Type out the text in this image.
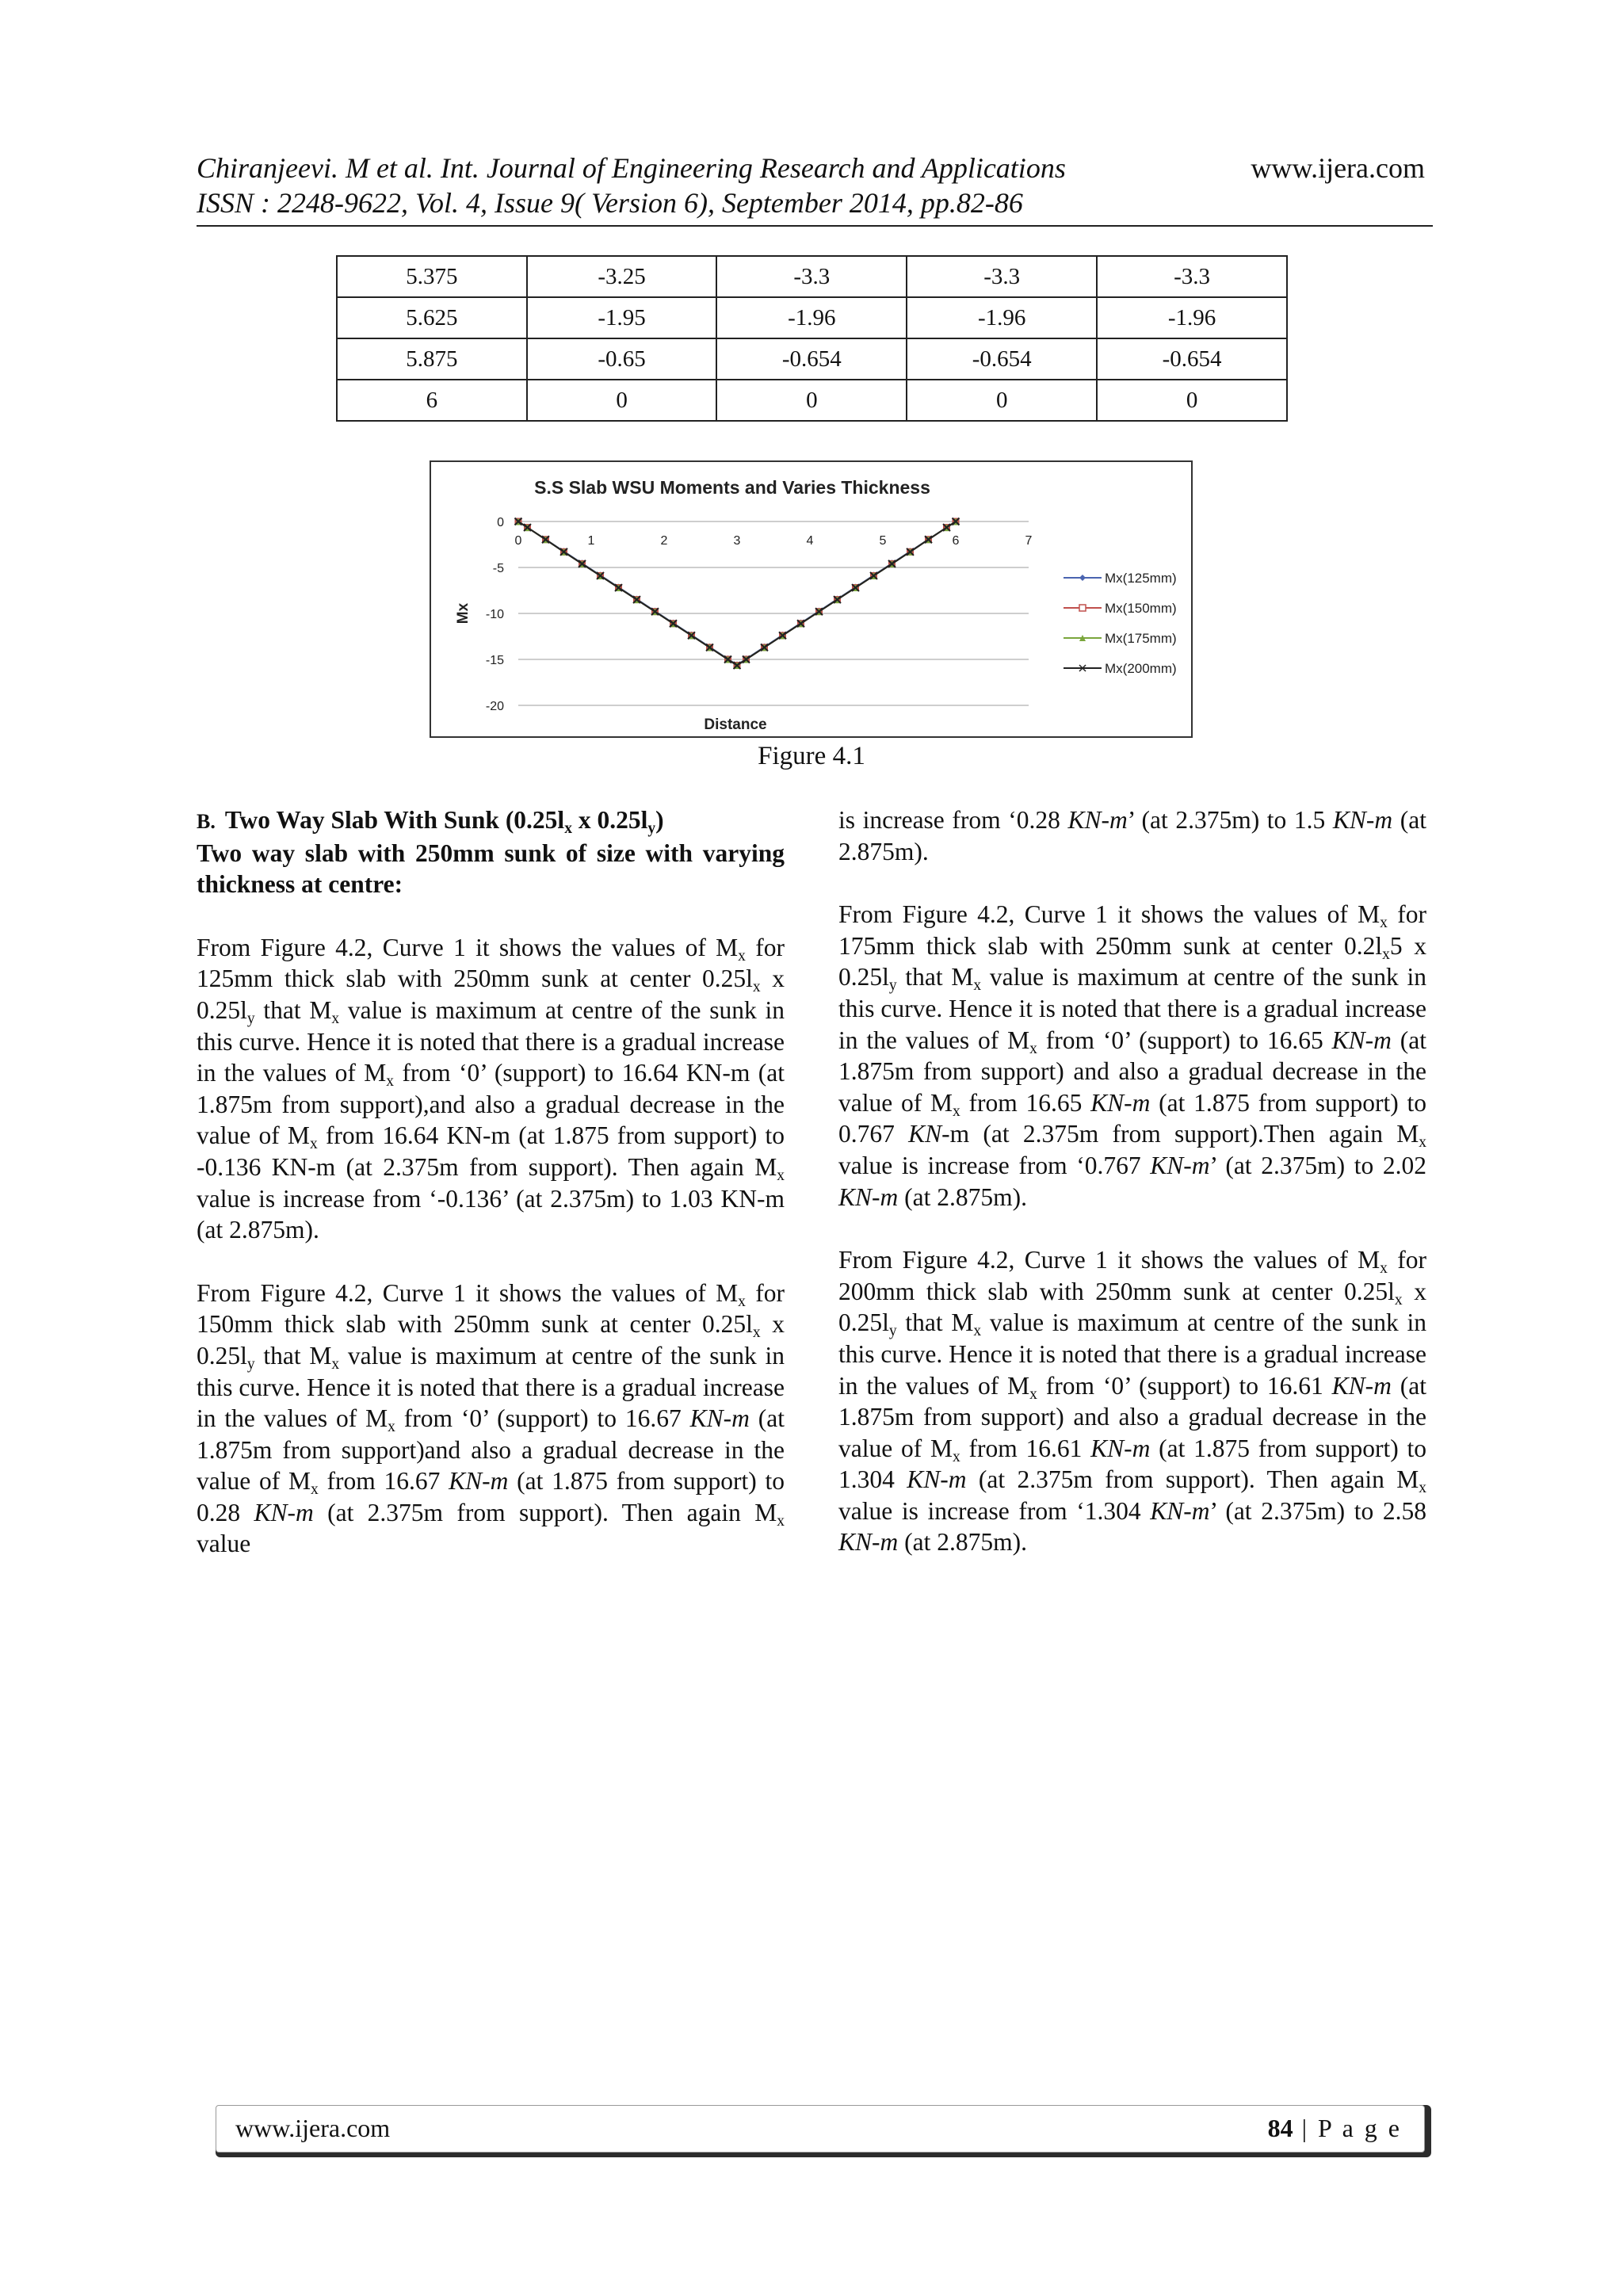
Chiranjeevi. M et al. Int. Journal of Engineering Research and Applications	www.ijera.com
ISSN : 2248-9622, Vol. 4, Issue 9( Version 6), September 2014, pp.82-86
5.375	-3.25	-3.3	-3.3	-3.3
5.625	-1.95	-1.96	-1.96	-1.96
5.875	-0.65	-0.654	-0.654	-0.654
6	0	0	0	0
S.S Slab WSU Moments and Varies Thickness
0
-5
-10
-15
-20
0	1	2	3	4	5	6	7
Distance
Mx
Mx(125mm)
Mx(150mm)
Mx(175mm)
Mx(200mm)
Figure 4.1

B. Two Way Slab With Sunk ($0.25l_x$ x $0.25l_y$)

Two way slab with 250mm sunk of size with varying thickness at centre:

From Figure 4.2, Curve 1 it shows the values of $M_x$ for 125mm thick slab with 250mm sunk at center $0.25l_x$ x $0.25l_y$ that $M_x$ value is maximum at centre of the sunk in this curve. Hence it is noted that there is a gradual increase in the values of $M_x$ from ‘0’ (support) to 16.64 KN-m (at 1.875m from support),and also a gradual decrease in the value of $M_x$ from 16.64 KN-m (at 1.875 from support) to -0.136 KN-m (at 2.375m from support). Then again $M_x$ value is increase from ‘-0.136’ (at 2.375m) to 1.03 KN-m (at 2.875m).

From Figure 4.2, Curve 1 it shows the values of $M_x$ for 150mm thick slab with 250mm sunk at center $0.25l_x$ x $0.25l_y$ that $M_x$ value is maximum at centre of the sunk in this curve. Hence it is noted that there is a gradual increase in the values of $M_x$ from ‘0’ (support) to 16.67 KN-m (at 1.875m from support)and also a gradual decrease in the value of $M_x$ from 16.67 KN-m (at 1.875 from support) to 0.28 KN-m (at 2.375m from support). Then again $M_x$ value

is increase from ‘0.28 KN-m’ (at 2.375m) to 1.5 KN-m (at 2.875m).

From Figure 4.2, Curve 1 it shows the values of $M_x$ for 175mm thick slab with 250mm sunk at center $0.2l_x5$ x $0.25l_y$ that $M_x$ value is maximum at centre of the sunk in this curve. Hence it is noted that there is a gradual increase in the values of $M_x$ from ‘0’ (support) to 16.65 KN-m (at 1.875m from support) and also a gradual decrease in the value of $M_x$ from 16.65 KN-m (at 1.875 from support) to 0.767 KN-m (at 2.375m from support).Then again $M_x$ value is increase from ‘0.767 KN-m’ (at 2.375m) to 2.02 KN-m (at 2.875m).

From Figure 4.2, Curve 1 it shows the values of $M_x$ for 200mm thick slab with 250mm sunk at center $0.25l_x$ x $0.25l_y$ that $M_x$ value is maximum at centre of the sunk in this curve. Hence it is noted that there is a gradual increase in the values of $M_x$ from ‘0’ (support) to 16.61 KN-m (at 1.875m from support) and also a gradual decrease in the value of $M_x$ from 16.61 KN-m (at 1.875 from support) to 1.304 KN-m (at 2.375m from support). Then again $M_x$ value is increase from ‘1.304 KN-m’ (at 2.375m) to 2.58 KN-m (at 2.875m).

www.ijera.com	84 | P a g e
